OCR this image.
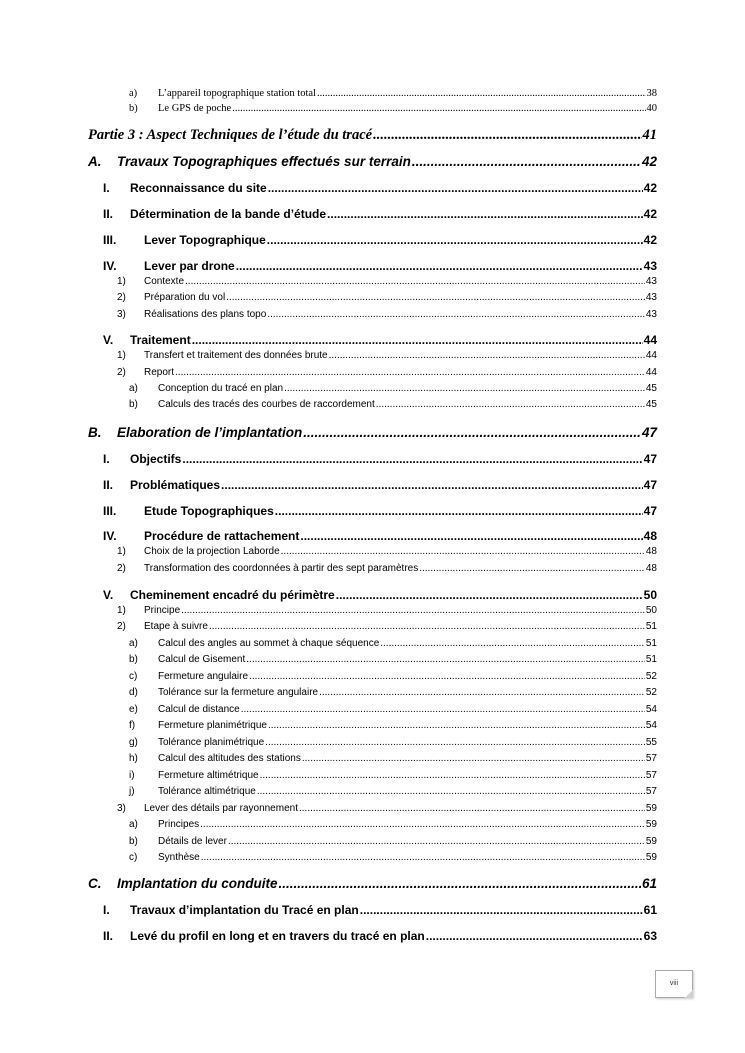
a)	L’appareil topographique station total .....	38
b)	Le GPS de poche .....	40
Partie 3 : Aspect Techniques de l’étude du tracé .....	41
A.	Travaux Topographiques effectués sur terrain .....	42
I.	Reconnaissance du site .....	42
II.	Détermination de la bande d’étude .....	42
III.	Lever Topographique .....	42
IV.	Lever par drone .....	43
1)	Contexte .....	43
2)	Préparation du vol .....	43
3)	Réalisations des plans topo .....	43
V.	Traitement .....	44
1)	Transfert et traitement des données brute .....	44
2)	Report .....	44
a)	Conception du tracé en plan .....	45
b)	Calculs des tracés des courbes de raccordement .....	45
B.	Elaboration de l’implantation .....	47
I.	Objectifs .....	47
II.	Problématiques .....	47
III.	Etude Topographiques .....	47
IV.	Procédure de rattachement .....	48
1)	Choix de la projection Laborde .....	48
2)	Transformation des coordonnées à partir des sept paramètres .....	48
V.	Cheminement encadré du périmètre .....	50
1)	Principe .....	50
2)	Etape à suivre .....	51
a)	Calcul des angles au sommet à chaque séquence .....	51
b)	Calcul de Gisement .....	51
c)	Fermeture angulaire .....	52
d)	Tolérance sur la fermeture angulaire .....	52
e)	Calcul de distance .....	54
f)	Fermeture planimétrique .....	54
g)	Tolérance planimétrique .....	55
h)	Calcul des altitudes des stations .....	57
i)	Fermeture altimétrique .....	57
j)	Tolérance altimétrique .....	57
3)	Lever des détails par rayonnement .....	59
a)	Principes .....	59
b)	Détails de lever .....	59
c)	Synthèse .....	59
C.	Implantation du conduite .....	61
I.	Travaux d’implantation du Tracé en plan .....	61
II.	Levé du profil en long et en travers du tracé en plan .....	63
viii
